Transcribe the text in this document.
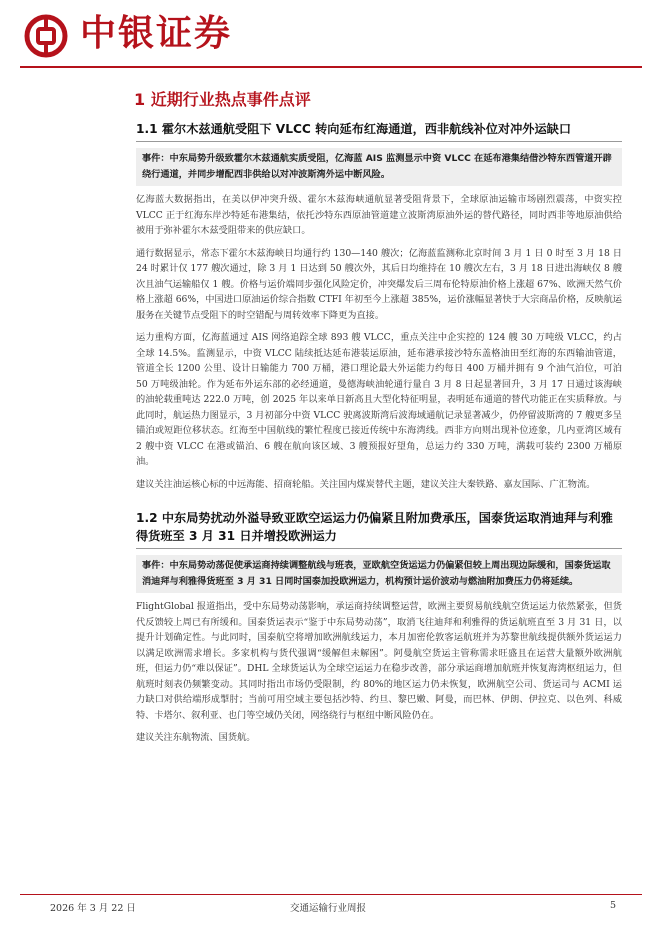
中银证券
1 近期行业热点事件点评
1.1 霍尔木兹通航受阻下 VLCC 转向延布红海通道，西非航线补位对冲外运缺口
事件：中东局势升级致霍尔木兹通航实质受阻，亿海蓝 AIS 监测显示中资 VLCC 在延布港集结借沙特东西管道开辟绕行通道，并同步增配西非供给以对冲波斯湾外运中断风险。

亿海蓝大数据指出，在美以伊冲突升级、霍尔木兹海峡通航显著受阻背景下，全球原油运输市场剧烈震荡，中资实控 VLCC 正于红海东岸沙特延布港集结，依托沙特东西原油管道建立波斯湾原油外运的替代路径，同时西非等地原油供给被用于弥补霍尔木兹受阻带来的供应缺口。

通行数据显示，常态下霍尔木兹海峡日均通行约 130—140 艘次；亿海蓝监测称北京时间 3 月 1 日 0 时至 3 月 18 日 24 时累计仅 177 艘次通过，除 3 月 1 日达到 50 艘次外，其后日均维持在 10 艘次左右，3 月 18 日进出海峡仅 8 艘次且油气运输船仅 1 艘。价格与运价端同步强化风险定价，冲突爆发后三周布伦特原油价格上涨超 67%、欧洲天然气价格上涨超 66%，中国进口原油运价综合指数 CTFI 年初至今上涨超 385%，运价涨幅显著快于大宗商品价格，反映航运服务在关键节点受阻下的时空错配与周转效率下降更为直接。

运力重构方面，亿海蓝通过 AIS 网络追踪全球 893 艘 VLCC，重点关注中企实控的 124 艘 30 万吨级 VLCC，约占全球 14.5%。监测显示，中资 VLCC 陆续抵达延布港装运原油，延布港承接沙特东盖格油田至红海的东西输油管道，管道全长 1200 公里、设计日输能力 700 万桶，港口理论最大外运能力约每日 400 万桶并拥有 9 个油气泊位，可泊 50 万吨级油轮。作为延布外运东部的必经通道，曼德海峡油轮通行量自 3 月 8 日起显著回升，3 月 17 日通过该海峡的油轮载重吨达 222.0 万吨，创 2025 年以来单日新高且大型化特征明显，表明延布通道的替代功能正在实质释放。与此同时，航运热力图显示，3 月初部分中资 VLCC 驶离波斯湾后波海域通航记录显著减少，仍停留波斯湾的 7 艘更多呈锚泊或短距位移状态。红海至中国航线的繁忙程度已接近传统中东海湾线。西非方向则出现补位迹象，几内亚湾区域有 2 艘中资 VLCC 在港或锚泊、6 艘在航向该区域、3 艘预报好望角，总运力约 330 万吨，满载可装约 2300 万桶原油。

建议关注油运核心标的中远海能、招商轮船。关注国内煤炭替代主题，建议关注大秦铁路、嘉友国际、广汇物流。

1.2 中东局势扰动外溢导致亚欧空运运力仍偏紧且附加费承压，国泰货运取消迪拜与利雅得货班至 3 月 31 日并增投欧洲运力
事件：中东局势动荡促使承运商持续调整航线与班表，亚欧航空货运运力仍偏紧但较上周出现边际缓和，国泰货运取消迪拜与利雅得货班至 3 月 31 日同时国泰加投欧洲运力，机构预计运价波动与燃油附加费压力仍将延续。

FlightGlobal 报道指出，受中东局势动荡影响，承运商持续调整运营，欧洲主要贸易航线航空货运运力依然紧张，但货代反馈较上周已有所缓和。国泰货运表示“鉴于中东局势动荡”，取消飞往迪拜和利雅得的货运航班直至 3 月 31 日，以提升计划确定性。与此同时，国泰航空将增加欧洲航线运力，本月加密伦敦客运航班并为苏黎世航线提供额外货运运力以满足欧洲需求增长。多家机构与货代强调“缓解但未解困”。阿曼航空货运主管称需求旺盛且在运营大量额外欧洲航班，但运力仍“难以保证”。DHL 全球货运认为全球空运运力在稳步改善，部分承运商增加航班并恢复海湾枢纽运力，但航班时刻表仍频繁变动。其同时指出市场仍受限制，约 80%的地区运力仍未恢复，欧洲航空公司、货运司与 ACMI 运力缺口对供给端形成掣肘；当前可用空域主要包括沙特、约旦、黎巴嫩、阿曼，而巴林、伊朗、伊拉克、以色列、科威特、卡塔尔、叙利亚、也门等空域仍关闭，网络绕行与枢纽中断风险仍在。

建议关注东航物流、国货航。

2026 年 3 月 22 日	交通运输行业周报	5
